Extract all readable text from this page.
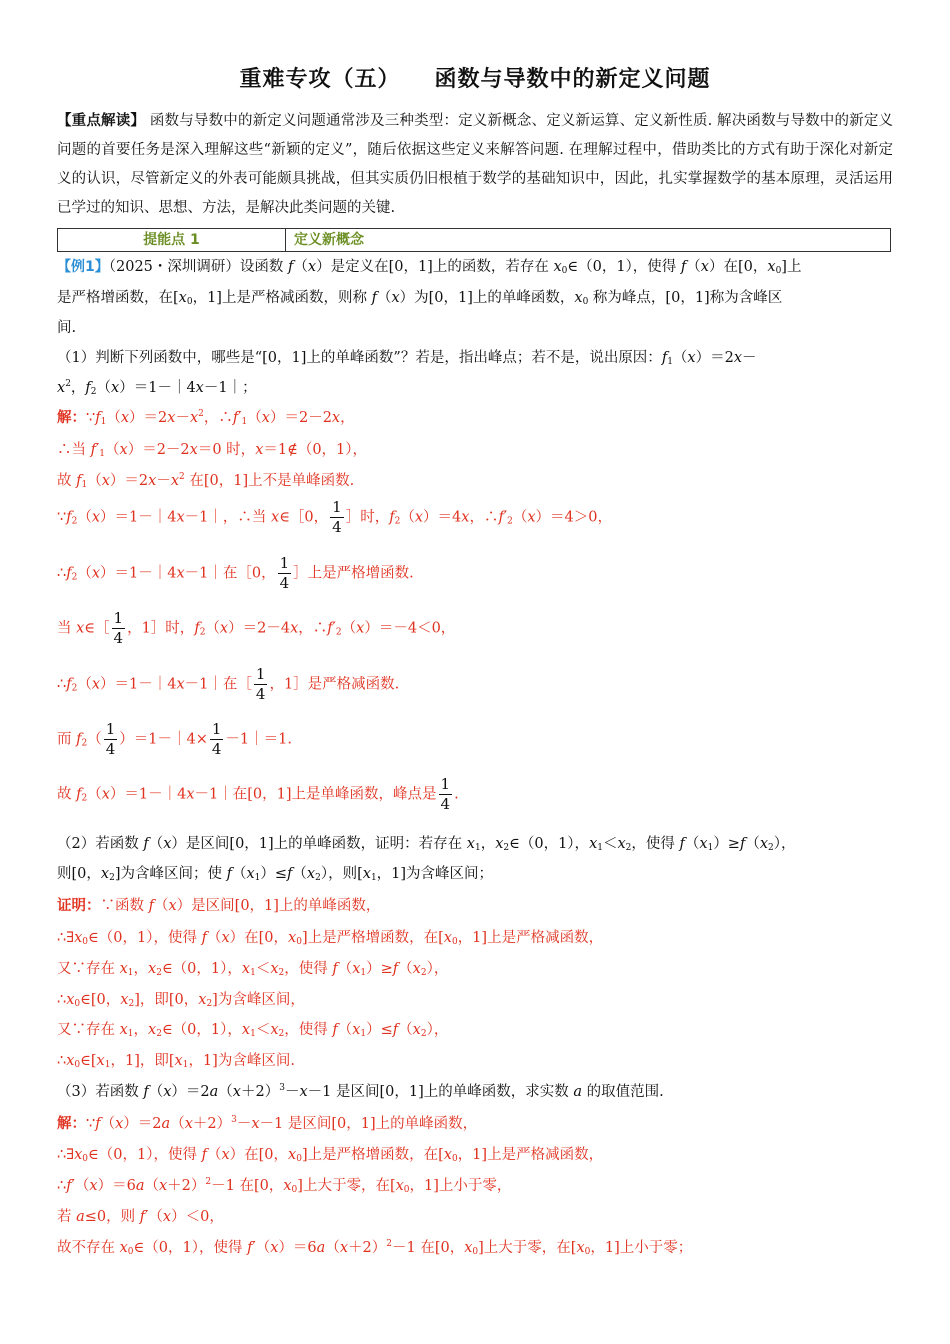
重难专攻（五） 函数与导数中的新定义问题
【重点解读】 函数与导数中的新定义问题通常涉及三种类型：定义新概念、定义新运算、定义新性质. 解决函数与导数中的新定义问题的首要任务是深入理解这些“新颖的定义”，随后依据这些定义来解答问题. 在理解过程中，借助类比的方式有助于深化对新定义的认识，尽管新定义的外表可能颇具挑战，但其实质仍旧根植于数学的基础知识中，因此，扎实掌握数学的基本原理，灵活运用已学过的知识、思想、方法，是解决此类问题的关键.
提能点 1	定义新概念
【例1】（2025・深圳调研）设函数 f（x）是定义在[0，1]上的函数，若存在 $x_0\in(0$，1），使得 f（x）在[0，$x_0$]上
是严格增函数，在[$x_0$，1]上是严格减函数，则称 f（x）为[0，1]上的单峰函数，$x_0$ 称为峰点，[0，1]称为含峰区
间.
（1）判断下列函数中，哪些是“[0，1]上的单峰函数”？若是，指出峰点；若不是，说出原因：$f_1(x)=2x-$
$x^2$，$f_2(x)=1-|4x-1|$；
解：$\because f_1(x)=2x-x^2$，$\therefore f'_1(x)=2-2x$，
∴当 $f'_1(x)=2-2x=0$ 时，x＝1∉（0，1），
故 $f_1(x)=2x-x^2$ 在[0，1]上不是单峰函数.
$\because f_2(x)=1-|4x-1|$，∴当 x∈［0， $\frac{1}{4}$ ］时，$f_2(x)=4x$，$\therefore f'_2(x)=4>0$，
$\therefore f_2(x)=1-|4x-1|$在［0， $\frac{1}{4}$ ］上是严格增函数.
当 x∈［ $\frac{1}{4}$ ，1］时，$f_2(x)=2-4x$，$\therefore f'_2(x)=-4<0$，
$\therefore f_2(x)=1-|4x-1|$在［ $\frac{1}{4}$ ，1］是严格减函数.
而 $f_2( \frac{1}{4}$ ）＝1－｜4× $\frac{1}{4}$ －1｜＝1.
故 $f_2(x)=1-|4x-1|$在[0，1]上是单峰函数，峰点是 $\frac{1}{4}$ .
（2）若函数 f（x）是区间[0，1]上的单峰函数，证明：若存在 $x_1$，$x_2\in(0$，1），$x_1<x_2$，使得 $f(x_1)\ge f(x_2)$，
则[0，$x_2$]为含峰区间；使 $f(x_1)\le f(x_2)$，则[$x_1$，1]为含峰区间；
证明：∵函数 f（x）是区间[0，1]上的单峰函数，
$\therefore\exists x_0\in(0$，1），使得 f（x）在[0，$x_0$]上是严格增函数，在[$x_0$，1]上是严格减函数，
又∵存在 $x_1$，$x_2\in(0$，1），$x_1<x_2$，使得 $f(x_1)\ge f(x_2)$，
$\therefore x_0\in[0$，$x_2$]，即[0，$x_2$]为含峰区间，
又∵存在 $x_1$，$x_2\in(0$，1），$x_1<x_2$，使得 $f(x_1)\le f(x_2)$，
$\therefore x_0\in[x_1$，1]，即[$x_1$，1]为含峰区间.
（3）若函数 $f(x)=2a(x+2)^3-x-1$ 是区间[0，1]上的单峰函数，求实数 a 的取值范围.
解：$\because f(x)=2a(x+2)^3-x-1$ 是区间[0，1]上的单峰函数，
$\therefore\exists x_0\in(0$，1），使得 f（x）在[0，$x_0$]上是严格增函数，在[$x_0$，1]上是严格减函数，
$\therefore f'(x)=6a(x+2)^2-1$ 在[0，$x_0$]上大于零，在[$x_0$，1]上小于零，
若 a≤0，则 f′（x）＜0，
故不存在 $x_0\in(0$，1），使得 $f'(x)=6a(x+2)^2-1$ 在[0，$x_0$]上大于零，在[$x_0$，1]上小于零；
